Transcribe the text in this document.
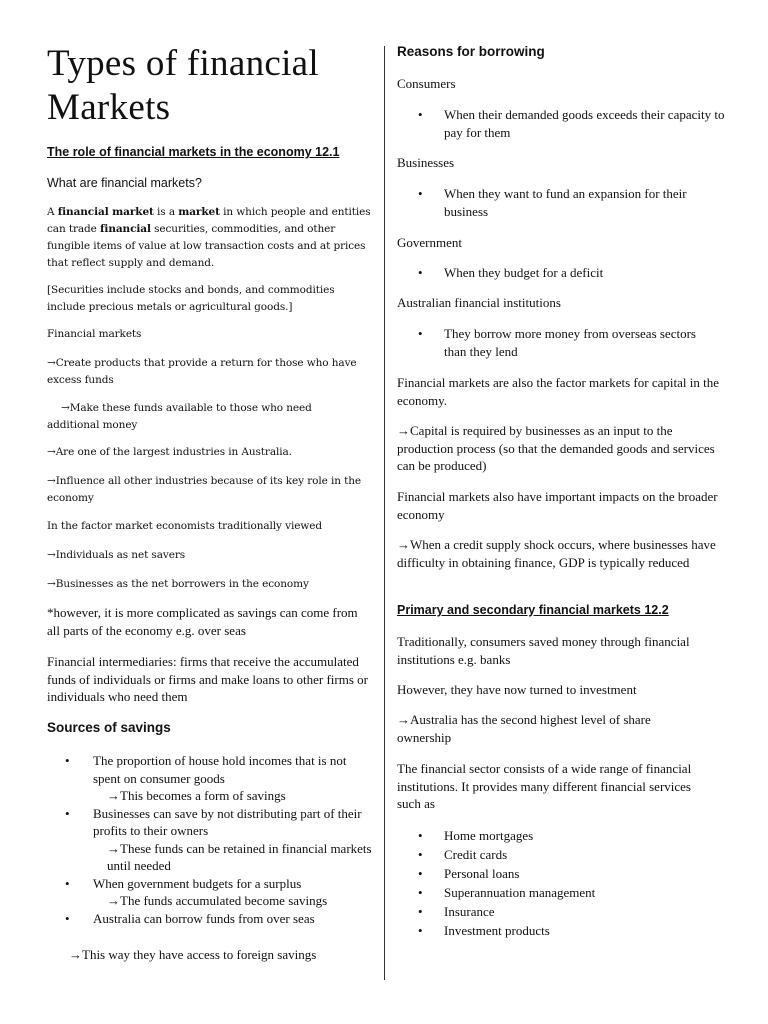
Types of financial
Markets
The role of financial markets in the economy 12.1
What are financial markets?
A financial market is a market in which people and entities can trade financial securities, commodities, and other fungible items of value at low transaction costs and at prices that reflect supply and demand.
[Securities include stocks and bonds, and commodities include precious metals or agricultural goods.]
Financial markets
→Create products that provide a return for those who have excess funds
→Make these funds available to those who need additional money
→Are one of the largest industries in Australia.
→Influence all other industries because of its key role in the economy
In the factor market economists traditionally viewed
→Individuals as net savers
→Businesses as the net borrowers in the economy
*however, it is more complicated as savings can come from all parts of the economy e.g. over seas
Financial intermediaries: firms that receive the accumulated funds of individuals or firms and make loans to other firms or individuals who need them
Sources of savings
• The proportion of house hold incomes that is not spent on consumer goods
→This becomes a form of savings
• Businesses can save by not distributing part of their profits to their owners
→These funds can be retained in financial markets until needed
• When government budgets for a surplus
→The funds accumulated become savings
• Australia can borrow funds from over seas
→This way they have access to foreign savings
Reasons for borrowing
Consumers
•	When their demanded goods exceeds their capacity to pay for them
Businesses
•	When they want to fund an expansion for their business
Government
•	When they budget for a deficit
Australian financial institutions
•	They borrow more money from overseas sectors than they lend
Financial markets are also the factor markets for capital in the economy.
→Capital is required by businesses as an input to the production process (so that the demanded goods and services can be produced)
Financial markets also have important impacts on the broader economy
→When a credit supply shock occurs, where businesses have difficulty in obtaining finance, GDP is typically reduced
Primary and secondary financial markets 12.2
Traditionally, consumers saved money through financial institutions e.g. banks
However, they have now turned to investment
→Australia has the second highest level of share ownership
The financial sector consists of a wide range of financial institutions. It provides many different financial services such as
• Home mortgages
• Credit cards
• Personal loans
• Superannuation management
• Insurance
• Investment products
